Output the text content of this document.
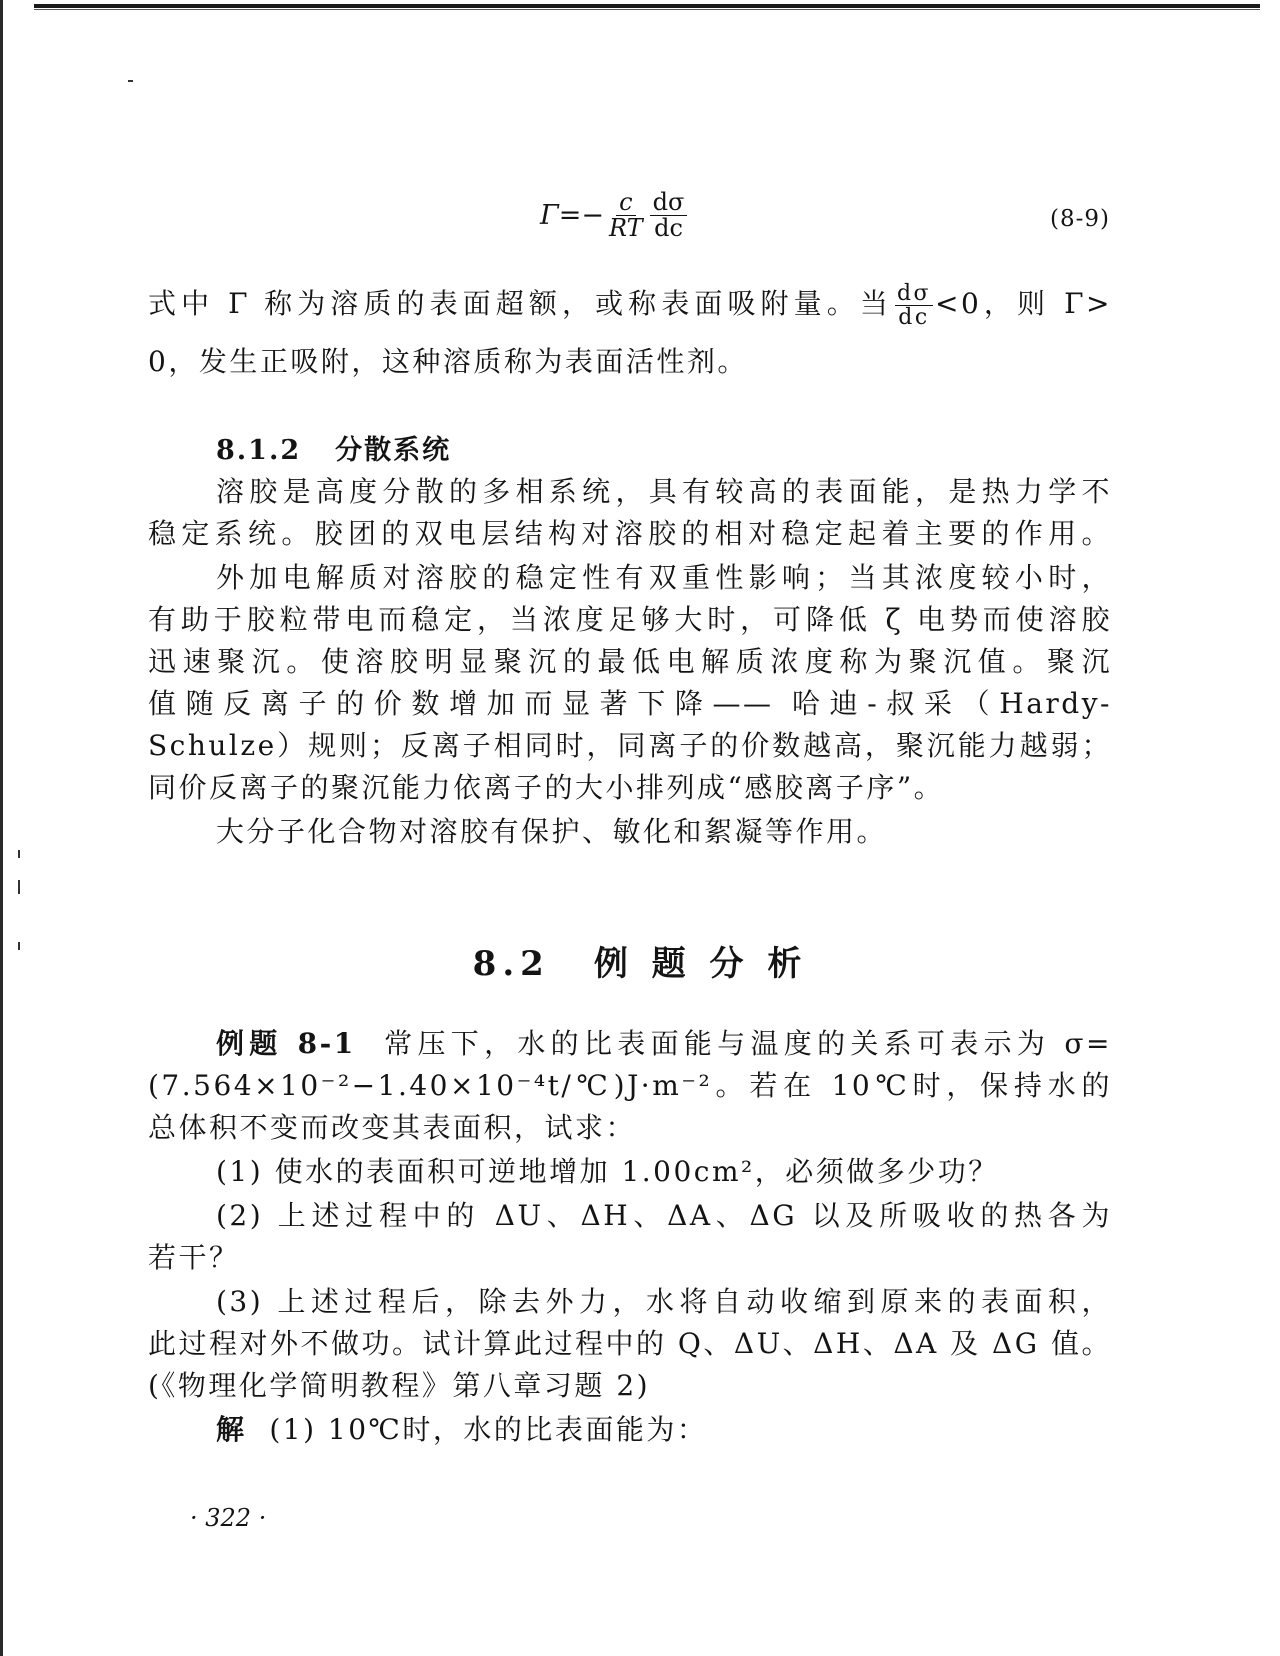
$\Gamma=- \frac{c}{RT} \frac{d\sigma}{dc}$	(8-9)
式中 Γ 称为溶质的表面超额，或称表面吸附量。当 $\frac{d\sigma}{dc} <0$，则 Γ>
0，发生正吸附，这种溶质称为表面活性剂。
8.1.2 分散系统
溶胶是高度分散的多相系统，具有较高的表面能，是热力学不
稳定系统。胶团的双电层结构对溶胶的相对稳定起着主要的作用。
外加电解质对溶胶的稳定性有双重性影响；当其浓度较小时，
有助于胶粒带电而稳定，当浓度足够大时，可降低 ζ 电势而使溶胶
迅速聚沉。使溶胶明显聚沉的最低电解质浓度称为聚沉值。聚沉
值随反离子的价数增加而显著下降—— 哈迪-叔采（Hardy-
Schulze）规则；反离子相同时，同离子的价数越高，聚沉能力越弱；
同价反离子的聚沉能力依离子的大小排列成“感胶离子序”。
大分子化合物对溶胶有保护、敏化和絮凝等作用。
8.2 例 题 分 析
例题 8-1 常压下，水的比表面能与温度的关系可表示为 σ=
(7.564×10⁻²−1.40×10⁻⁴t/℃)J·m⁻²。若在 10℃时，保持水的
总体积不变而改变其表面积，试求：
(1) 使水的表面积可逆地增加 1.00cm²，必须做多少功？
(2) 上述过程中的 ΔU、ΔH、ΔA、ΔG 以及所吸收的热各为
若干？
(3) 上述过程后，除去外力，水将自动收缩到原来的表面积，
此过程对外不做功。试计算此过程中的 Q、ΔU、ΔH、ΔA 及 ΔG 值。
(《物理化学简明教程》第八章习题 2)
解 (1) 10℃时，水的比表面能为：
· 322 ·
